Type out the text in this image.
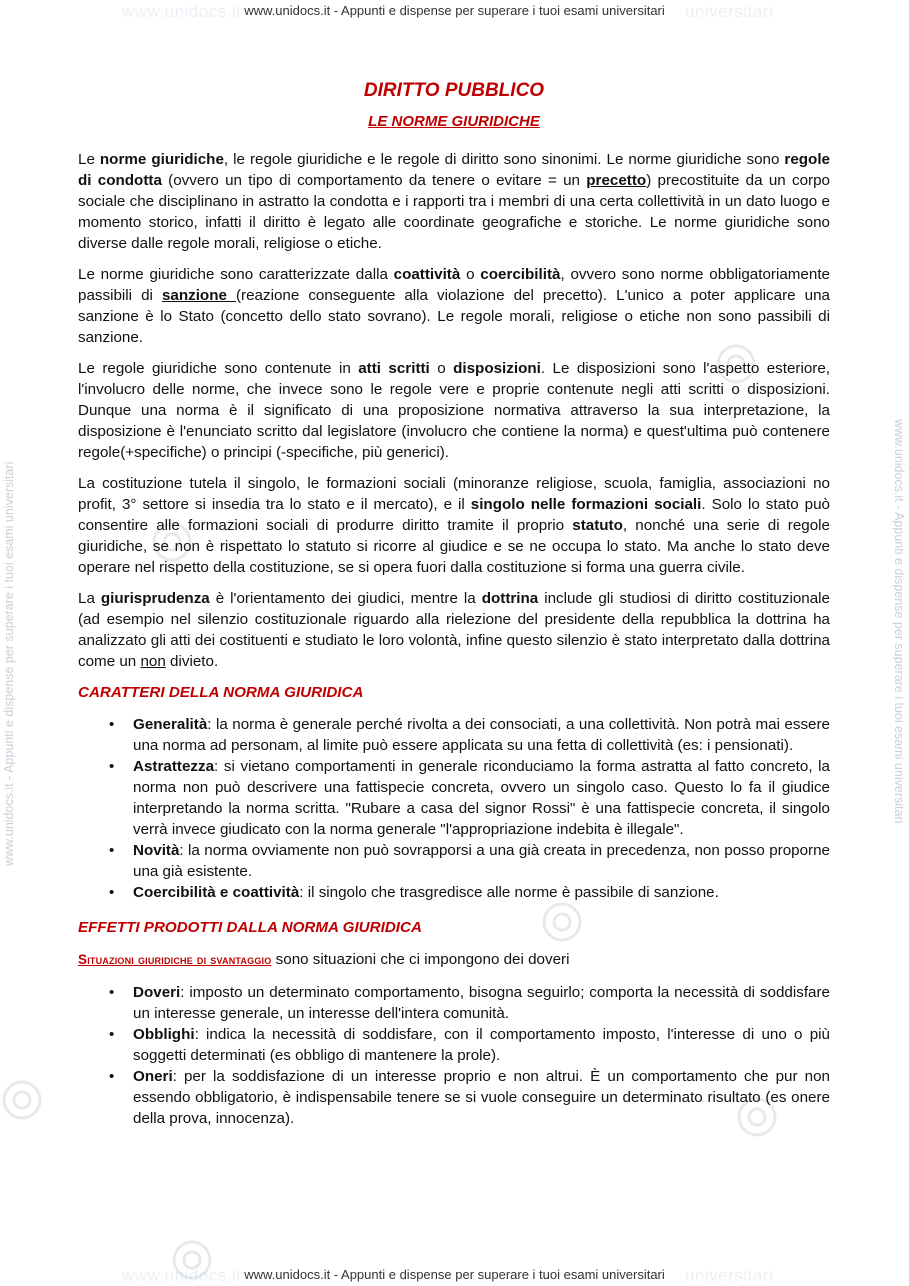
www.unidocs.it	universitari
www.unidocs.it - Appunti e dispense per superare i tuoi esami universitari
www.unidocs.it	universitari
www.unidocs.it - Appunti e dispense per superare i tuoi esami universitari
www.unidocs.it - Appunti e dispense per superare i tuoi esami universitari	www.unidocs.it - Appunti e dispense per superare i tuoi esami universitari
DIRITTO PUBBLICO
LE NORME GIURIDICHE

Le norme giuridiche, le regole giuridiche e le regole di diritto sono sinonimi. Le norme giuridiche sono regole di condotta (ovvero un tipo di comportamento da tenere o evitare = un precetto) precostituite da un corpo sociale che disciplinano in astratto la condotta e i rapporti tra i membri di una certa collettività in un dato luogo e momento storico, infatti il diritto è legato alle coordinate geografiche e storiche. Le norme giuridiche sono diverse dalle regole morali, religiose o etiche.

Le norme giuridiche sono caratterizzate dalla coattività o coercibilità, ovvero sono norme obbligatoriamente passibili di sanzione (reazione conseguente alla violazione del precetto). L'unico a poter applicare una sanzione è lo Stato (concetto dello stato sovrano). Le regole morali, religiose o etiche non sono passibili di sanzione.

Le regole giuridiche sono contenute in atti scritti o disposizioni. Le disposizioni sono l'aspetto esteriore, l'involucro delle norme, che invece sono le regole vere e proprie contenute negli atti scritti o disposizioni. Dunque una norma è il significato di una proposizione normativa attraverso la sua interpretazione, la disposizione è l'enunciato scritto dal legislatore (involucro che contiene la norma) e quest'ultima può contenere regole(+specifiche) o principi (-specifiche, più generici).

La costituzione tutela il singolo, le formazioni sociali (minoranze religiose, scuola, famiglia, associazioni no profit, 3° settore si insedia tra lo stato e il mercato), e il singolo nelle formazioni sociali. Solo lo stato può consentire alle formazioni sociali di produrre diritto tramite il proprio statuto, nonché una serie di regole giuridiche, se non è rispettato lo statuto si ricorre al giudice e se ne occupa lo stato. Ma anche lo stato deve operare nel rispetto della costituzione, se si opera fuori dalla costituzione si forma una guerra civile.

La giurisprudenza è l'orientamento dei giudici, mentre la dottrina include gli studiosi di diritto costituzionale (ad esempio nel silenzio costituzionale riguardo alla rielezione del presidente della repubblica la dottrina ha analizzato gli atti dei costituenti e studiato le loro volontà, infine questo silenzio è stato interpretato dalla dottrina come un non divieto.

CARATTERI DELLA NORMA GIURIDICA
• Generalità: la norma è generale perché rivolta a dei consociati, a una collettività. Non potrà mai essere una norma ad personam, al limite può essere applicata su una fetta di collettività (es: i pensionati).
• Astrattezza: si vietano comportamenti in generale riconduciamo la forma astratta al fatto concreto, la norma non può descrivere una fattispecie concreta, ovvero un singolo caso. Questo lo fa il giudice interpretando la norma scritta. "Rubare a casa del signor Rossi" è una fattispecie concreta, il singolo verrà invece giudicato con la norma generale "l'appropriazione indebita è illegale".
• Novità: la norma ovviamente non può sovrapporsi a una già creata in precedenza, non posso proporne una già esistente.
• Coercibilità e coattività: il singolo che trasgredisce alle norme è passibile di sanzione.
EFFETTI PRODOTTI DALLA NORMA GIURIDICA

Situazioni giuridiche di svantaggio sono situazioni che ci impongono dei doveri

• Doveri: imposto un determinato comportamento, bisogna seguirlo; comporta la necessità di soddisfare un interesse generale, un interesse dell'intera comunità.
• Obblighi: indica la necessità di soddisfare, con il comportamento imposto, l'interesse di uno o più soggetti determinati (es obbligo di mantenere la prole).
• Oneri: per la soddisfazione di un interesse proprio e non altrui. È un comportamento che pur non essendo obbligatorio, è indispensabile tenere se si vuole conseguire un determinato risultato (es onere della prova, innocenza).
